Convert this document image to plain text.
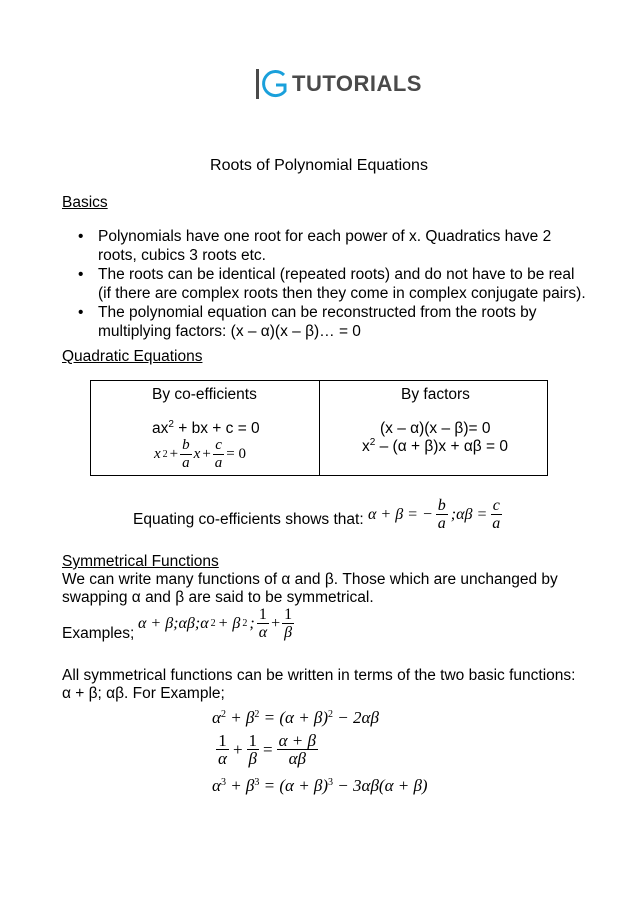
TUTORIALS
Roots of Polynomial Equations
Basics
• Polynomials have one root for each power of x. Quadratics have 2
roots, cubics 3 roots etc.
• The roots can be identical (repeated roots) and do not have to be real
(if there are complex roots then they come in complex conjugate pairs).
• The polynomial equation can be reconstructed from the roots by
multiplying factors: (x – α)(x – β)… = 0
Quadratic Equations
By co-efficients
$ax^2$ + bx + c = 0
x $2 + \frac{b}{a}$ $x + \frac{c}{a} = 0$
By factors
(x – α)(x – β)= 0
$x^2 - (\alpha + \beta)x + \alpha\beta = 0$
Equating co-efficients shows that: α + β = − $\frac{b}{a}$ ;αβ = $\frac{c}{a}$
Symmetrical Functions
We can write many functions of α and β. Those which are unchanged by
swapping α and β are said to be symmetrical.
Examples;
α + β;αβ;α 2 + β 2 ; $\frac{1}{\alpha} + \frac{1}{\beta}$
All symmetrical functions can be written in terms of the two basic functions:
α + β; αβ. For Example;
$\alpha^2 + \beta^2 = (\alpha + \beta)^2 - 2\alpha\beta$
$\frac{1}{\alpha} + \frac{1}{\beta} = \frac{\alpha + \beta}{\alpha\beta}$
$\alpha^3 + \beta^3 = (\alpha + \beta)^3 - 3\alpha\beta(\alpha + \beta)$
